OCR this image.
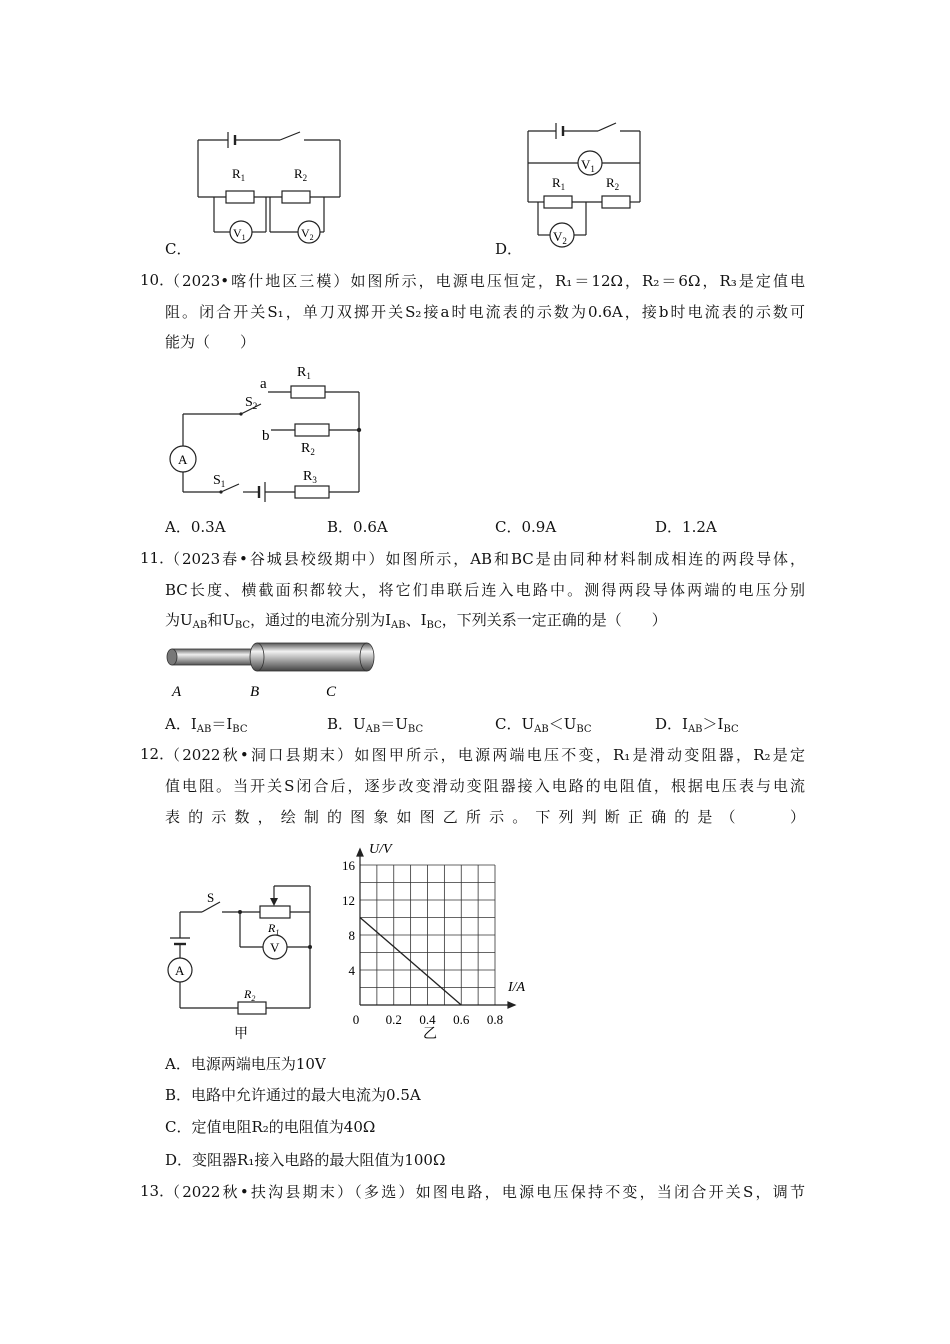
C．	D．
$R_1$	$R_2$
$V_1$	$V_2$
$V_1$
$R_1$	$R_2$
$V_2$
10．
（2023•喀什地区三模）如图所示，电源电压恒定，R₁＝12Ω，R₂＝6Ω，R₃是定值电
阻。闭合开关S₁，单刀双掷开关S₂接a时电流表的示数为0.6A，接b时电流表的示数可
能为（　　）
a
b
$R_1$
$R_2$
$R_3$
$S_1$
$S_2$
A
A．0.3A	B．0.6A	C．0.9A	D．1.2A
11．
（2023春•谷城县校级期中）如图所示，AB和BC是由同种材料制成相连的两段导体，
BC长度、横截面积都较大，将它们串联后连入电路中。测得两段导体两端的电压分别
为$U_{AB}$和$U_{BC}$，通过的电流分别为$I_{AB}$、$I_{BC}$，下列关系一定正确的是（　　）
A	B	C
A．$I_{AB}=I_{BC}$	B．$U_{AB}=U_{BC}$	C．$U_{AB}<U_{BC}$	D．$I_{AB}>I_{BC}$
12．
（2022秋•洞口县期末）如图甲所示，电源两端电压不变，R₁是滑动变阻器，R₂是定
值电阻。当开关S闭合后，逐步改变滑动变阻器接入电路的电阻值，根据电压表与电流
表的示数，绘制的图象如图乙所示。下列判断正确的是（　　）
S
$R_1$
$R_2$
V
A
甲
4
8
12
16
0 0.2 0.4 0.6 0.8
U/V
I/A
乙
A．电源两端电压为10V
B．电路中允许通过的最大电流为0.5A
C．定值电阻R₂的电阻值为40Ω
D．变阻器R₁接入电路的最大阻值为100Ω
13．
（2022秋•扶沟县期末）（多选）如图电路，电源电压保持不变，当闭合开关S，调节
